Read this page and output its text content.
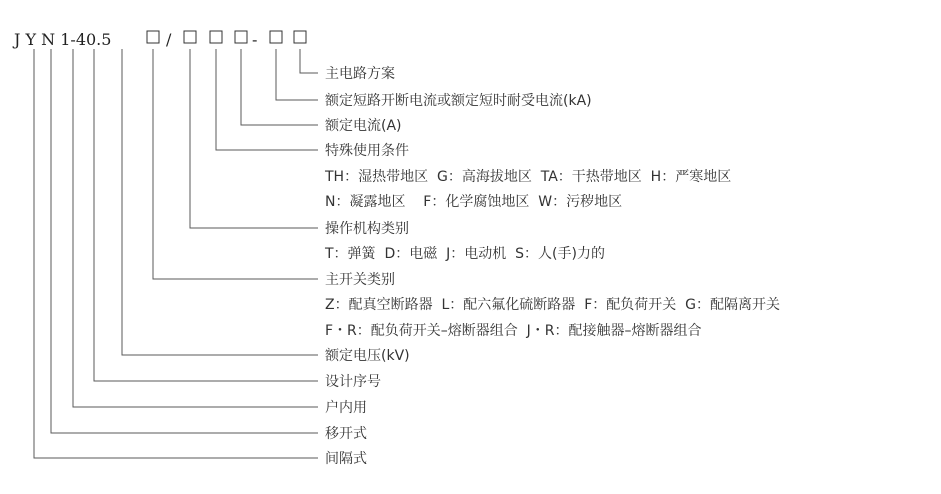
J Y N 1-40.5	/	-
主电路方案
额定短路开断电流或额定短时耐受电流(kA)
额定电流(A)
特殊使用条件
TH：湿热带地区  G：高海拔地区  TA：干热带地区  H：严寒地区
N：凝露地区    F：化学腐蚀地区  W：污秽地区
操作机构类别
T：弹簧  D：电磁  J：电动机  S：人(手)力的
主开关类别
Z：配真空断路器  L：配六氟化硫断路器  F：配负荷开关  G：配隔离开关
F・R：配负荷开关–熔断器组合  J・R：配接触器–熔断器组合
额定电压(kV)
设计序号
户内用
移开式
间隔式
